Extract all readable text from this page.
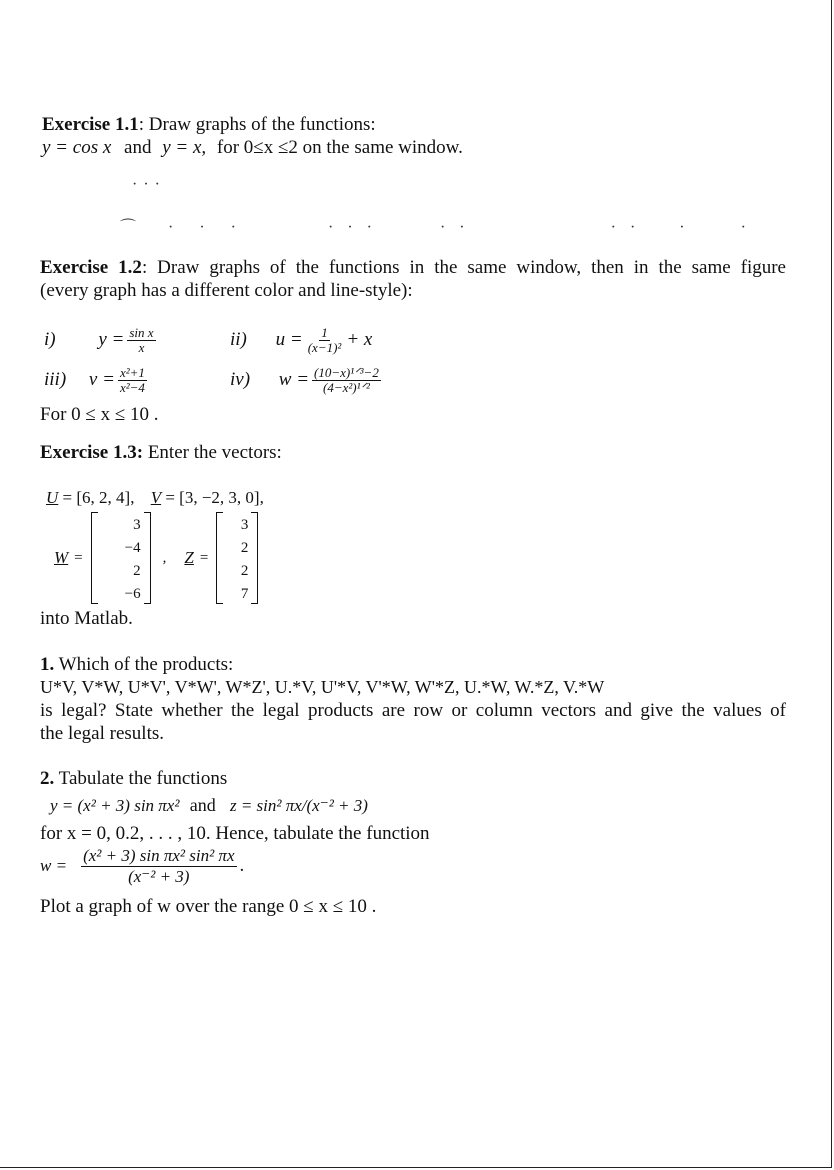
Exercise 1.1: Draw graphs of the functions:
y = cos x and y = x, for 0≤x ≤2 on the same window.
···
⌒     ·    ·    ·               ·  ·  ·           ·  ·                        ·  ·       ·         ·
Exercise 1.2: Draw graphs of the functions in the same window, then in the same figure
(every graph has a different color and line-style):
i) $y = \frac{\text{sin x}}{x}$	ii) $u = \frac{1}{\text{(x−1)²}} + x$
iii) $v = \frac{\text{x²+1}}{\text{x²−4}}$	iv) $w = \frac{\text{(10−x)¹ᐟ³−2}}{\text{(4−x²)¹ᐟ²}}$
For 0 ≤ x ≤ 10 .
Exercise 1.3: Enter the vectors:
U = [6, 2, 4], V = [3, −2, 3, 0],
W =
3
−4
2
−6
, Z =
3
2
2
7
into Matlab.
1. Which of the products:
U*V, V*W, U*V', V*W', W*Z', U.*V, U'*V, V'*W, W'*Z, U.*W, W.*Z, V.*W
is legal? State whether the legal products are row or column vectors and give the values of
the legal results.
2. Tabulate the functions
y = (x² + 3) sin πx² and z = sin² πx/(x⁻² + 3)
for x = 0, 0.2, . . . , 10. Hence, tabulate the function
$w = \frac{\text{(x² + 3) sin πx² sin² πx}}{\text{(x⁻² + 3)}}$ .
Plot a graph of w over the range 0 ≤ x ≤ 10 .
